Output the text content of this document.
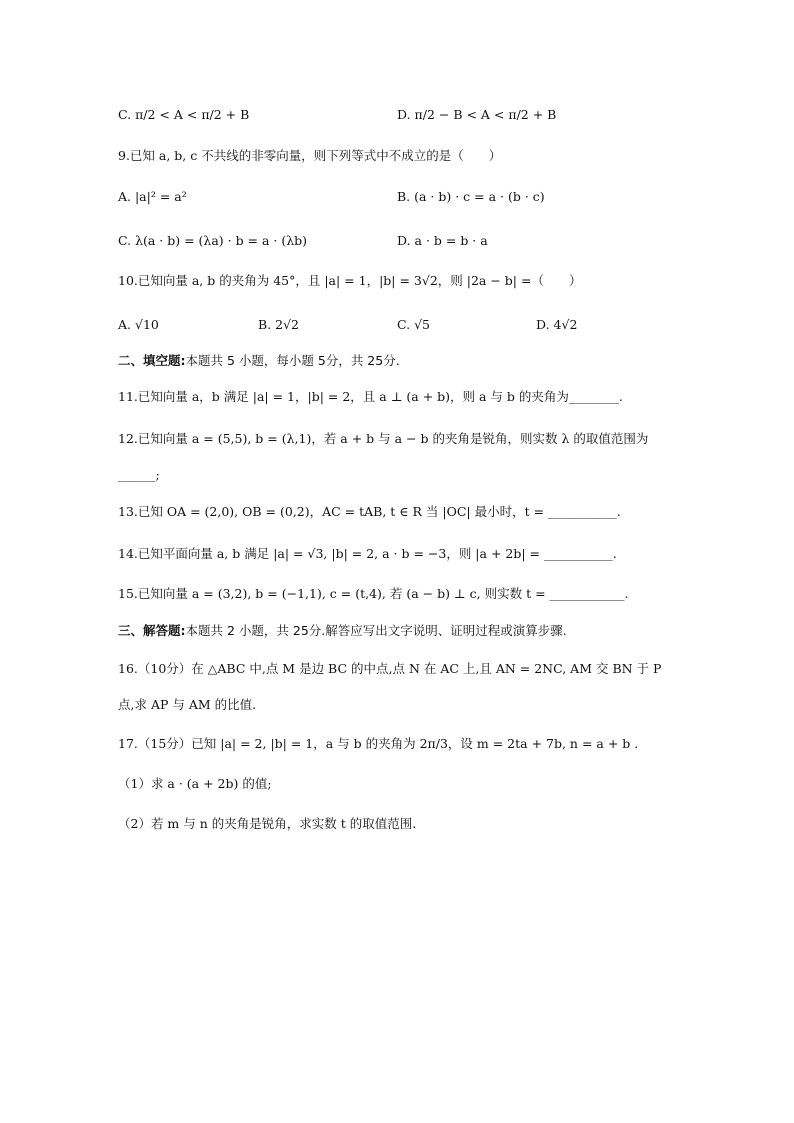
C. π/2 < A < π/2 + B	D. π/2 − B < A < π/2 + B
9.已知 a, b, c 不共线的非零向量，则下列等式中不成立的是（　　）
A. |a|² = a²	B. (a · b) · c = a · (b · c)
C. λ(a · b) = (λa) · b = a · (λb)	D. a · b = b · a
10.已知向量 a, b 的夹角为 45°，且 |a| = 1，|b| = 3√2，则 |2a − b| =（　　）
A. √10	B. 2√2	C. √5	D. 4√2
二、填空题:本题共 5 小题，每小题 5分，共 25分.
11.已知向量 a，b 满足 |a| = 1，|b| = 2，且 a ⊥ (a + b)，则 a 与 b 的夹角为________.
12.已知向量 a = (5,5), b = (λ,1)，若 a + b 与 a − b 的夹角是锐角，则实数 λ 的取值范围为
______;
13.已知 OA = (2,0), OB = (0,2)，AC = tAB, t ∈ R 当 |OC| 最小时，t = ___________.
14.已知平面向量 a, b 满足 |a| = √3, |b| = 2, a · b = −3，则 |a + 2b| = ___________.
15.已知向量 a = (3,2), b = (−1,1), c = (t,4), 若 (a − b) ⊥ c, 则实数 t = ____________.
三、解答题:本题共 2 小题，共 25分.解答应写出文字说明、证明过程或演算步骤.
16.（10分）在 △ABC 中,点 M 是边 BC 的中点,点 N 在 AC 上,且 AN = 2NC, AM 交 BN 于 P
点,求 AP 与 AM 的比值.
17.（15分）已知 |a| = 2, |b| = 1，a 与 b 的夹角为 2π/3，设 m = 2ta + 7b, n = a + b .
（1）求 a · (a + 2b) 的值;
（2）若 m 与 n 的夹角是锐角，求实数 t 的取值范围.
